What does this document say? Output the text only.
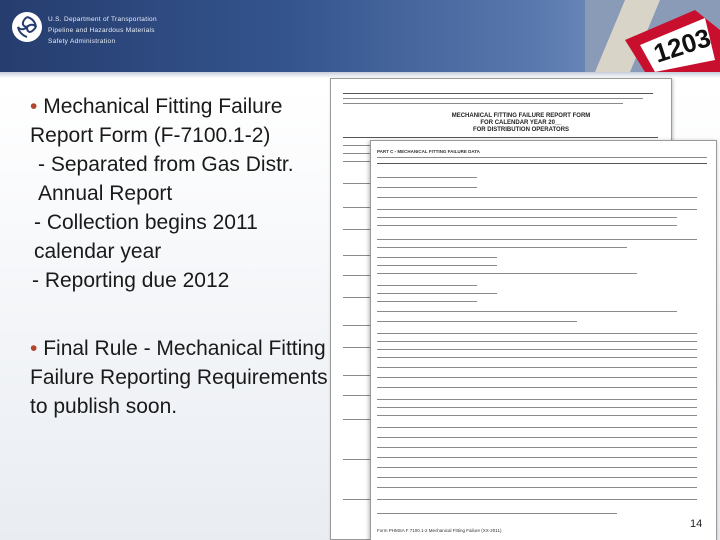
U.S. Department of Transportation
Pipeline and Hazardous Materials
Safety Administration	1203
• Mechanical Fitting Failure Report Form (F-7100.1-2)
- Separated from Gas Distr. Annual Report
- Collection begins 2011 calendar year
- Reporting due 2012
• Final Rule - Mechanical Fitting Failure Reporting Requirements to publish soon.
MECHANICAL FITTING FAILURE REPORT FORM
FOR CALENDAR YEAR 20__
FOR DISTRIBUTION OPERATORS
PART C - MECHANICAL FITTING FAILURE DATA
Form PHMSA F 7100.1-2 Mechanical Fitting Failure (XX-2011)
14
